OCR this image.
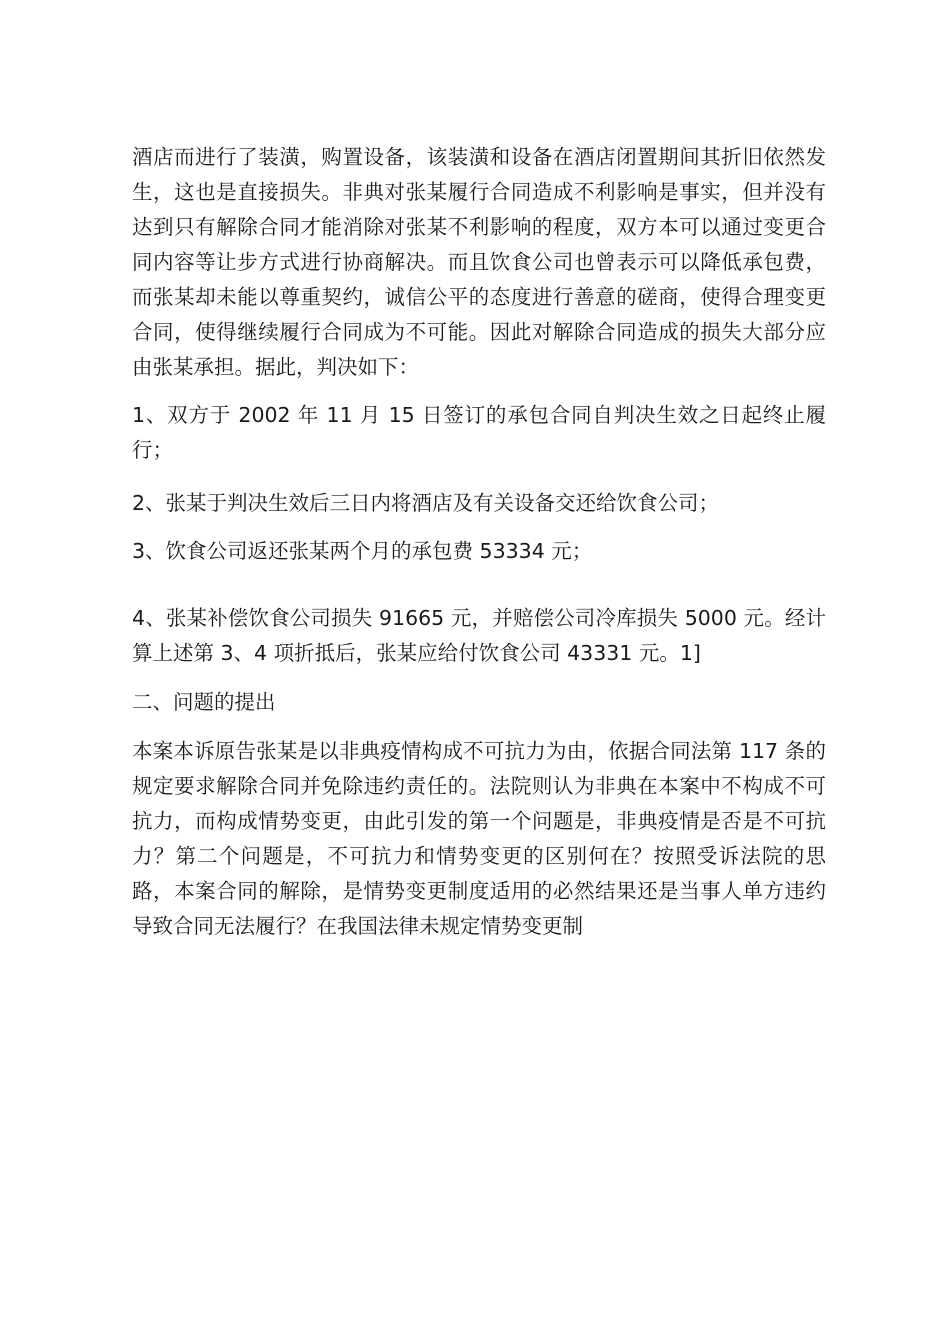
酒店而进行了装潢，购置设备，该装潢和设备在酒店闭置期间其折旧依然发生，这也是直接损失。非典对张某履行合同造成不利影响是事实，但并没有达到只有解除合同才能消除对张某不利影响的程度，双方本可以通过变更合同内容等让步方式进行协商解决。而且饮食公司也曾表示可以降低承包费，而张某却未能以尊重契约，诚信公平的态度进行善意的磋商，使得合理变更合同，使得继续履行合同成为不可能。因此对解除合同造成的损失大部分应由张某承担。据此，判决如下：

1、双方于 2002 年 11 月 15 日签订的承包合同自判决生效之日起终止履行；

2、张某于判决生效后三日内将酒店及有关设备交还给饮食公司；

3、饮食公司返还张某两个月的承包费 53334 元；

4、张某补偿饮食公司损失 91665 元，并赔偿公司冷库损失 5000 元。经计算上述第 3、4 项折抵后，张某应给付饮食公司 43331 元。1]

二、问题的提出

本案本诉原告张某是以非典疫情构成不可抗力为由，依据合同法第 117 条的规定要求解除合同并免除违约责任的。法院则认为非典在本案中不构成不可抗力，而构成情势变更，由此引发的第一个问题是，非典疫情是否是不可抗力？第二个问题是，不可抗力和情势变更的区别何在？按照受诉法院的思路，本案合同的解除，是情势变更制度适用的必然结果还是当事人单方违约导致合同无法履行？在我国法律未规定情势变更制
